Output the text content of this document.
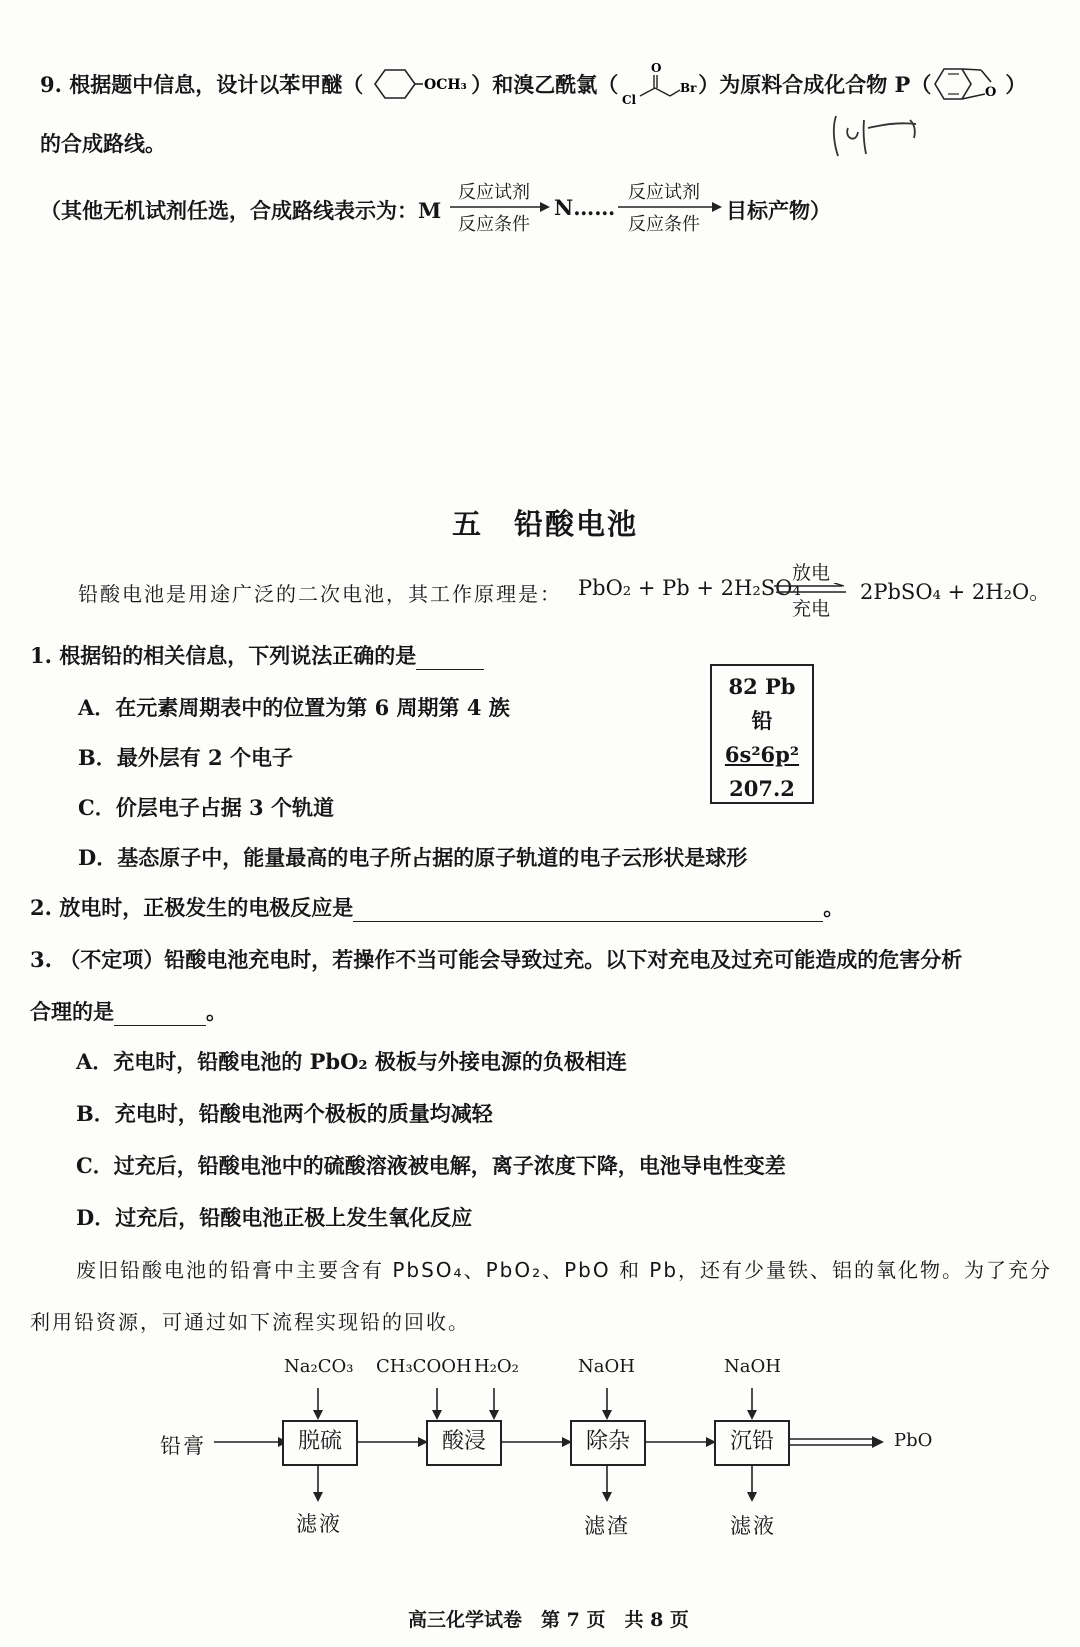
9. 根据题中信息，设计以苯甲醚（	OCH₃ ）和溴乙酰氯（
O
Cl
Br ）为原料合成化合物 P（	O ）
的合成路线。
（其他无机试剂任选，合成路线表示为：M
反应试剂
反应条件
N……
反应试剂
反应条件
目标产物）
五　铅酸电池
铅酸电池是用途广泛的二次电池，其工作原理是： PbO₂ + Pb + 2H₂SO₄
放电
充电
2PbSO₄ + 2H₂O。
1. 根据铅的相关信息，下列说法正确的是
A．在元素周期表中的位置为第 6 周期第 4 族
B．最外层有 2 个电子
C．价层电子占据 3 个轨道
D．基态原子中，能量最高的电子所占据的原子轨道的电子云形状是球形
82 Pb
铅
6s²6p²
207.2
2. 放电时，正极发生的电极反应是	。
3. （不定项）铅酸电池充电时，若操作不当可能会导致过充。以下对充电及过充可能造成的危害分析
合理的是	。
A．充电时，铅酸电池的 PbO₂ 极板与外接电源的负极相连
B．充电时，铅酸电池两个极板的质量均减轻
C．过充后，铅酸电池中的硫酸溶液被电解，离子浓度下降，电池导电性变差
D．过充后，铅酸电池正极上发生氧化反应
废旧铅酸电池的铅膏中主要含有 PbSO₄、PbO₂、PbO 和 Pb，还有少量铁、铝的氧化物。为了充分
利用铅资源，可通过如下流程实现铅的回收。
铅膏	脱硫	酸浸	除杂	沉铅
Na₂CO₃ CH₃COOH H₂O₂	NaOH	NaOH
滤液	滤渣	滤液
PbO
高三化学试卷　第 7 页　共 8 页
